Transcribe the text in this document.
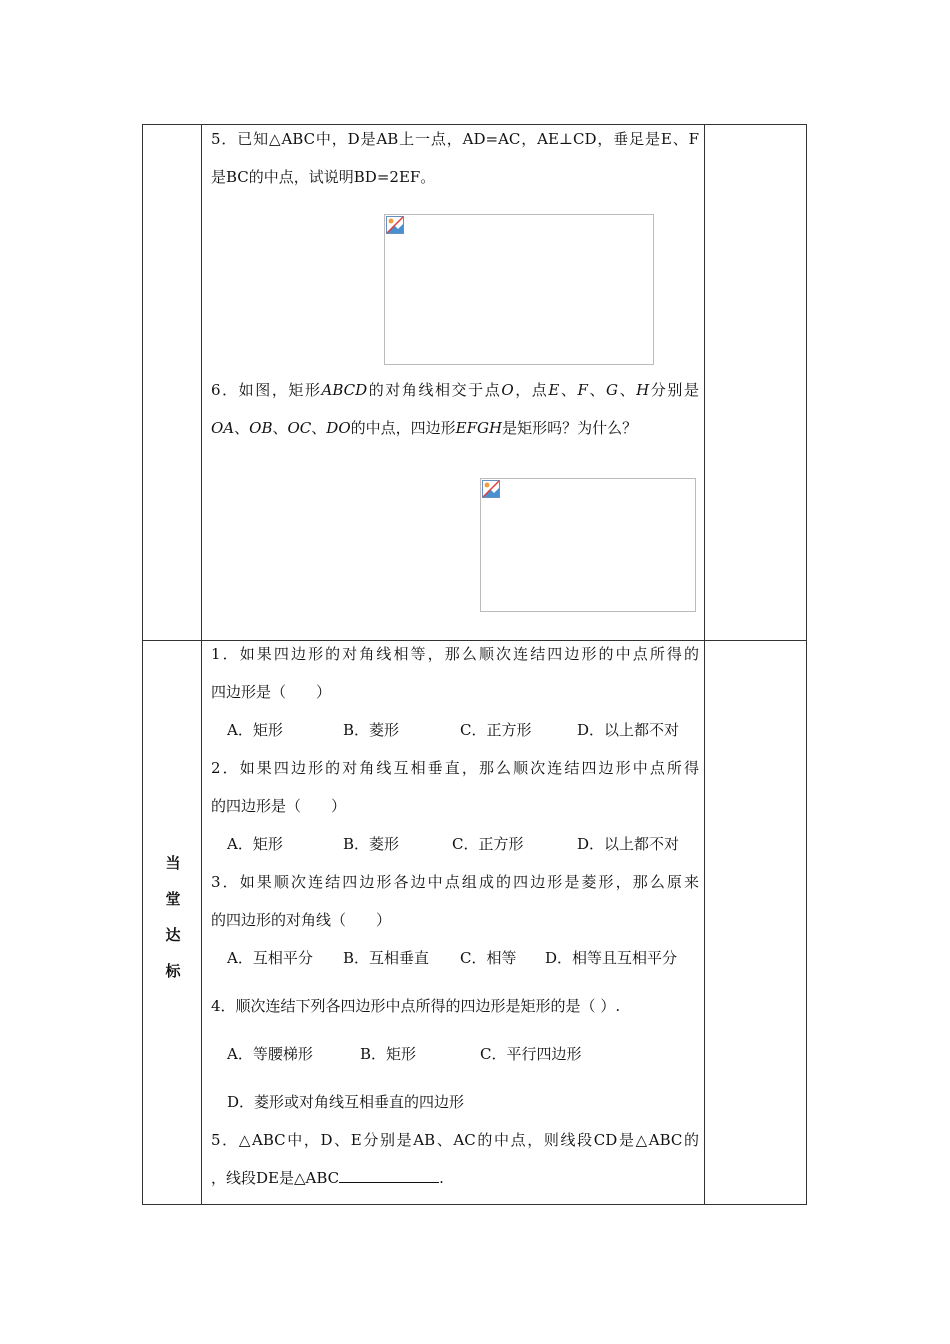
5．已知△ABC中，D是AB上一点，AD=AC，AE⊥CD，垂足是E、F

是BC的中点，试说明BD=2EF。

6．如图，矩形ABCD的对角线相交于点O，点E、F、G、H分别是

OA、OB、OC、DO的中点，四边形EFGH是矩形吗？为什么？

当
堂
达
标

1．如果四边形的对角线相等，那么顺次连结四边形的中点所得的

四边形是（　　）

A．矩形	B．菱形	C．正方形	D．以上都不对

2．如果四边形的对角线互相垂直，那么顺次连结四边形中点所得

的四边形是（　　）

A．矩形	B．菱形	C．正方形	D．以上都不对

3．如果顺次连结四边形各边中点组成的四边形是菱形，那么原来

的四边形的对角线（　　）

A．互相平分	B．互相垂直	C．相等	D．相等且互相平分

4．顺次连结下列各四边形中点所得的四边形是矩形的是（ ）.

A．等腰梯形	B．矩形	C．平行四边形

D．菱形或对角线互相垂直的四边形

5．△ABC中，D、E分别是AB、AC的中点，则线段CD是△ABC的

，线段DE是△ABC	.
